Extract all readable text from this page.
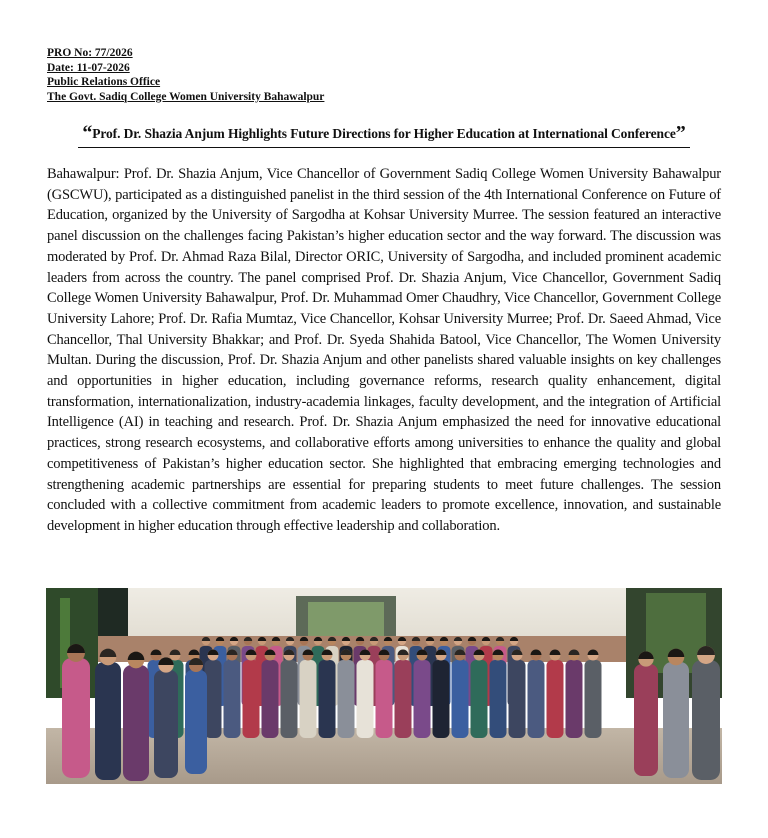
PRO No: 77/2026
Date: 11-07-2026
Public Relations Office
The Govt. Sadiq College Women University Bahawalpur
“Prof. Dr. Shazia Anjum Highlights Future Directions for Higher Education at International Conference”
Bahawalpur: Prof. Dr. Shazia Anjum, Vice Chancellor of Government Sadiq College Women University Bahawalpur (GSCWU), participated as a distinguished panelist in the third session of the 4th International Conference on Future of Education, organized by the University of Sargodha at Kohsar University Murree. The session featured an interactive panel discussion on the challenges facing Pakistan’s higher education sector and the way forward. The discussion was moderated by Prof. Dr. Ahmad Raza Bilal, Director ORIC, University of Sargodha, and included prominent academic leaders from across the country. The panel comprised Prof. Dr. Shazia Anjum, Vice Chancellor, Government Sadiq College Women University Bahawalpur, Prof. Dr. Muhammad Omer Chaudhry, Vice Chancellor, Government College University Lahore; Prof. Dr. Rafia Mumtaz, Vice Chancellor, Kohsar University Murree; Prof. Dr. Saeed Ahmad, Vice Chancellor, Thal University Bhakkar; and Prof. Dr. Syeda Shahida Batool, Vice Chancellor, The Women University Multan. During the discussion, Prof. Dr. Shazia Anjum and other panelists shared valuable insights on key challenges and opportunities in higher education, including governance reforms, research quality enhancement, digital transformation, internationalization, industry-academia linkages, faculty development, and the integration of Artificial Intelligence (AI) in teaching and research. Prof. Dr. Shazia Anjum emphasized the need for innovative educational practices, strong research ecosystems, and collaborative efforts among universities to enhance the quality and global competitiveness of Pakistan’s higher education sector. She highlighted that embracing emerging technologies and strengthening academic partnerships are essential for preparing students to meet future challenges. The session concluded with a collective commitment from academic leaders to promote excellence, innovation, and sustainable development in higher education through effective leadership and collaboration.
